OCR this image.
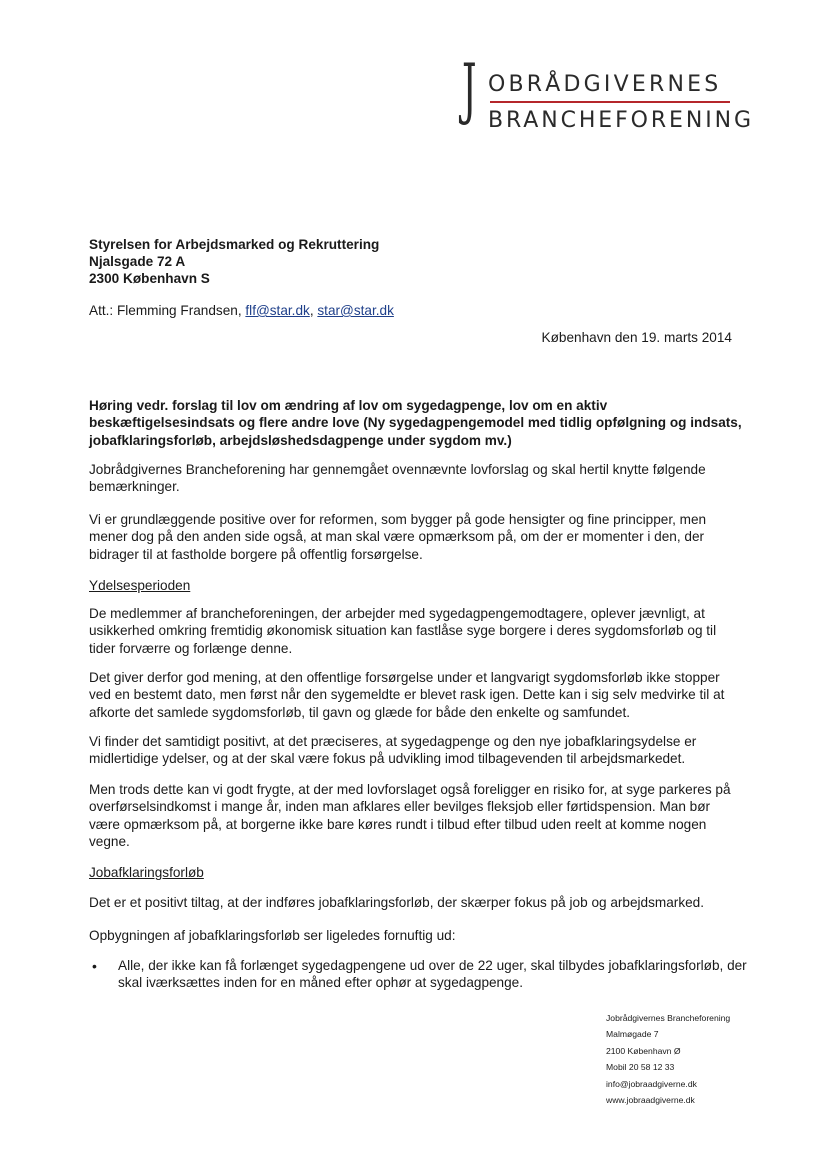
J OBRÅDGIVERNES
BRANCHEFORENING
Styrelsen for Arbejdsmarked og Rekruttering
Njalsgade 72 A
2300 København S
Att.: Flemming Frandsen, flf@star.dk, star@star.dk
København den 19. marts 2014
Høring vedr. forslag til lov om ændring af lov om sygedagpenge, lov om en aktiv
beskæftigelsesindsats og flere andre love (Ny sygedagpengemodel med tidlig opfølgning og indsats,
jobafklaringsforløb, arbejdsløshedsdagpenge under sygdom mv.)
Jobrådgivernes Brancheforening har gennemgået ovennævnte lovforslag og skal hertil knytte følgende
bemærkninger.
Vi er grundlæggende positive over for reformen, som bygger på gode hensigter og fine principper, men
mener dog på den anden side også, at man skal være opmærksom på, om der er momenter i den, der
bidrager til at fastholde borgere på offentlig forsørgelse.
Ydelsesperioden
De medlemmer af brancheforeningen, der arbejder med sygedagpengemodtagere, oplever jævnligt, at
usikkerhed omkring fremtidig økonomisk situation kan fastlåse syge borgere i deres sygdomsforløb og til
tider forværre og forlænge denne.
Det giver derfor god mening, at den offentlige forsørgelse under et langvarigt sygdomsforløb ikke stopper
ved en bestemt dato, men først når den sygemeldte er blevet rask igen. Dette kan i sig selv medvirke til at
afkorte det samlede sygdomsforløb, til gavn og glæde for både den enkelte og samfundet.
Vi finder det samtidigt positivt, at det præciseres, at sygedagpenge og den nye jobafklaringsydelse er
midlertidige ydelser, og at der skal være fokus på udvikling imod tilbagevenden til arbejdsmarkedet.
Men trods dette kan vi godt frygte, at der med lovforslaget også foreligger en risiko for, at syge parkeres på
overførselsindkomst i mange år, inden man afklares eller bevilges fleksjob eller førtidspension. Man bør
være opmærksom på, at borgerne ikke bare køres rundt i tilbud efter tilbud uden reelt at komme nogen
vegne.
Jobafklaringsforløb
Det er et positivt tiltag, at der indføres jobafklaringsforløb, der skærper fokus på job og arbejdsmarked.
Opbygningen af jobafklaringsforløb ser ligeledes fornuftig ud:
• Alle, der ikke kan få forlænget sygedagpengene ud over de 22 uger, skal tilbydes jobafklaringsforløb, der
skal iværksættes inden for en måned efter ophør at sygedagpenge.
Jobrådgivernes Brancheforening
Malmøgade 7
2100 København Ø
Mobil 20 58 12 33
info@jobraadgiverne.dk
www.jobraadgiverne.dk
